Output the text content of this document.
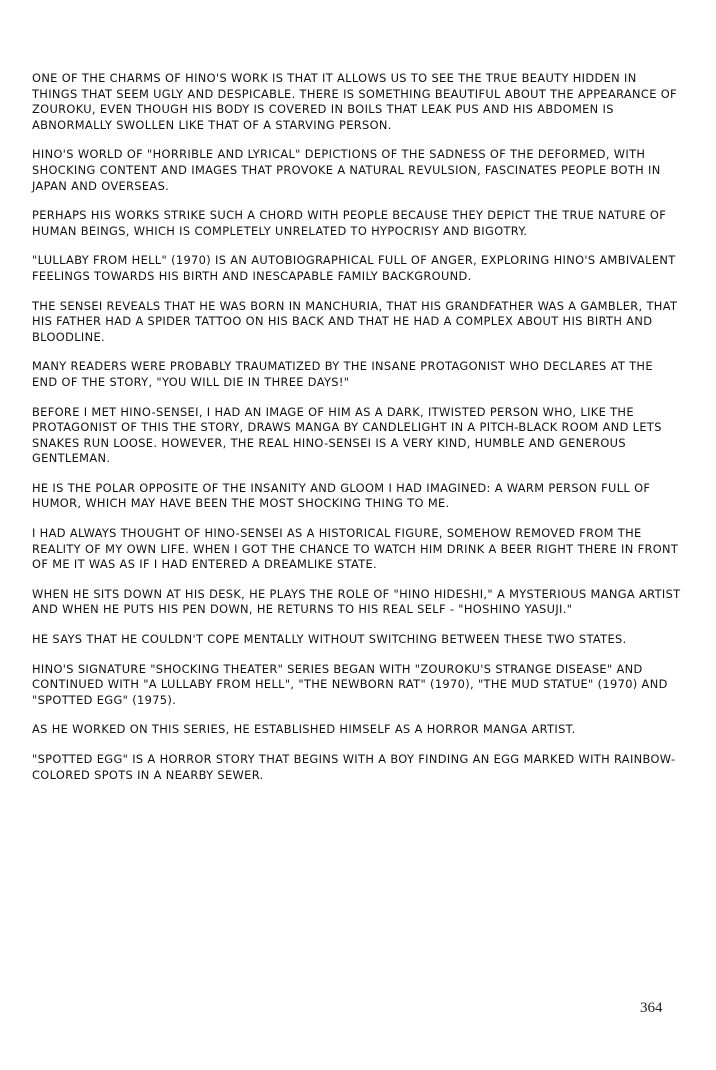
ONE OF THE CHARMS OF HINO'S WORK IS THAT IT ALLOWS US TO SEE THE TRUE BEAUTY HIDDEN IN THINGS THAT SEEM UGLY AND DESPICABLE. THERE IS SOMETHING BEAUTIFUL ABOUT THE APPEARANCE OF ZOUROKU, EVEN THOUGH HIS BODY IS COVERED IN BOILS THAT LEAK PUS AND HIS ABDOMEN IS ABNORMALLY SWOLLEN LIKE THAT OF A STARVING PERSON.

HINO'S WORLD OF "HORRIBLE AND LYRICAL" DEPICTIONS OF THE SADNESS OF THE DEFORMED, WITH SHOCKING CONTENT AND IMAGES THAT PROVOKE A NATURAL REVULSION, FASCINATES PEOPLE BOTH IN JAPAN AND OVERSEAS.

PERHAPS HIS WORKS STRIKE SUCH A CHORD WITH PEOPLE BECAUSE THEY DEPICT THE TRUE NATURE OF HUMAN BEINGS, WHICH IS COMPLETELY UNRELATED TO HYPOCRISY AND BIGOTRY.

"LULLABY FROM HELL" (1970) IS AN AUTOBIOGRAPHICAL FULL OF ANGER, EXPLORING HINO'S AMBIVALENT FEELINGS TOWARDS HIS BIRTH AND INESCAPABLE FAMILY BACKGROUND.

THE SENSEI REVEALS THAT HE WAS BORN IN MANCHURIA, THAT HIS GRANDFATHER WAS A GAMBLER, THAT HIS FATHER HAD A SPIDER TATTOO ON HIS BACK AND THAT HE HAD A COMPLEX ABOUT HIS BIRTH AND BLOODLINE.

MANY READERS WERE PROBABLY TRAUMATIZED BY THE INSANE PROTAGONIST WHO DECLARES AT THE END OF THE STORY, "YOU WILL DIE IN THREE DAYS!"

BEFORE I MET HINO-SENSEI, I HAD AN IMAGE OF HIM AS A DARK, ITWISTED PERSON WHO, LIKE THE PROTAGONIST OF THIS THE STORY, DRAWS MANGA BY CANDLELIGHT IN A PITCH-BLACK ROOM AND LETS SNAKES RUN LOOSE. HOWEVER, THE REAL HINO-SENSEI IS A VERY KIND, HUMBLE AND GENEROUS GENTLEMAN.

HE IS THE POLAR OPPOSITE OF THE INSANITY AND GLOOM I HAD IMAGINED: A WARM PERSON FULL OF HUMOR, WHICH MAY HAVE BEEN THE MOST SHOCKING THING TO ME.

I HAD ALWAYS THOUGHT OF HINO-SENSEI AS A HISTORICAL FIGURE, SOMEHOW REMOVED FROM THE REALITY OF MY OWN LIFE. WHEN I GOT THE CHANCE TO WATCH HIM DRINK A BEER RIGHT THERE IN FRONT OF ME IT WAS AS IF I HAD ENTERED A DREAMLIKE STATE.

WHEN HE SITS DOWN AT HIS DESK, HE PLAYS THE ROLE OF "HINO HIDESHI," A MYSTERIOUS MANGA ARTIST AND WHEN HE PUTS HIS PEN DOWN, HE RETURNS TO HIS REAL SELF - "HOSHINO YASUJI."

HE SAYS THAT HE COULDN'T COPE MENTALLY WITHOUT SWITCHING BETWEEN THESE TWO STATES.

HINO'S SIGNATURE "SHOCKING THEATER" SERIES BEGAN WITH "ZOUROKU'S STRANGE DISEASE" AND CONTINUED WITH "A LULLABY FROM HELL", "THE NEWBORN RAT" (1970), "THE MUD STATUE" (1970) AND "SPOTTED EGG" (1975).

AS HE WORKED ON THIS SERIES, HE ESTABLISHED HIMSELF AS A HORROR MANGA ARTIST.

"SPOTTED EGG" IS A HORROR STORY THAT BEGINS WITH A BOY FINDING AN EGG MARKED WITH RAINBOW-COLORED SPOTS IN A NEARBY SEWER.

364
